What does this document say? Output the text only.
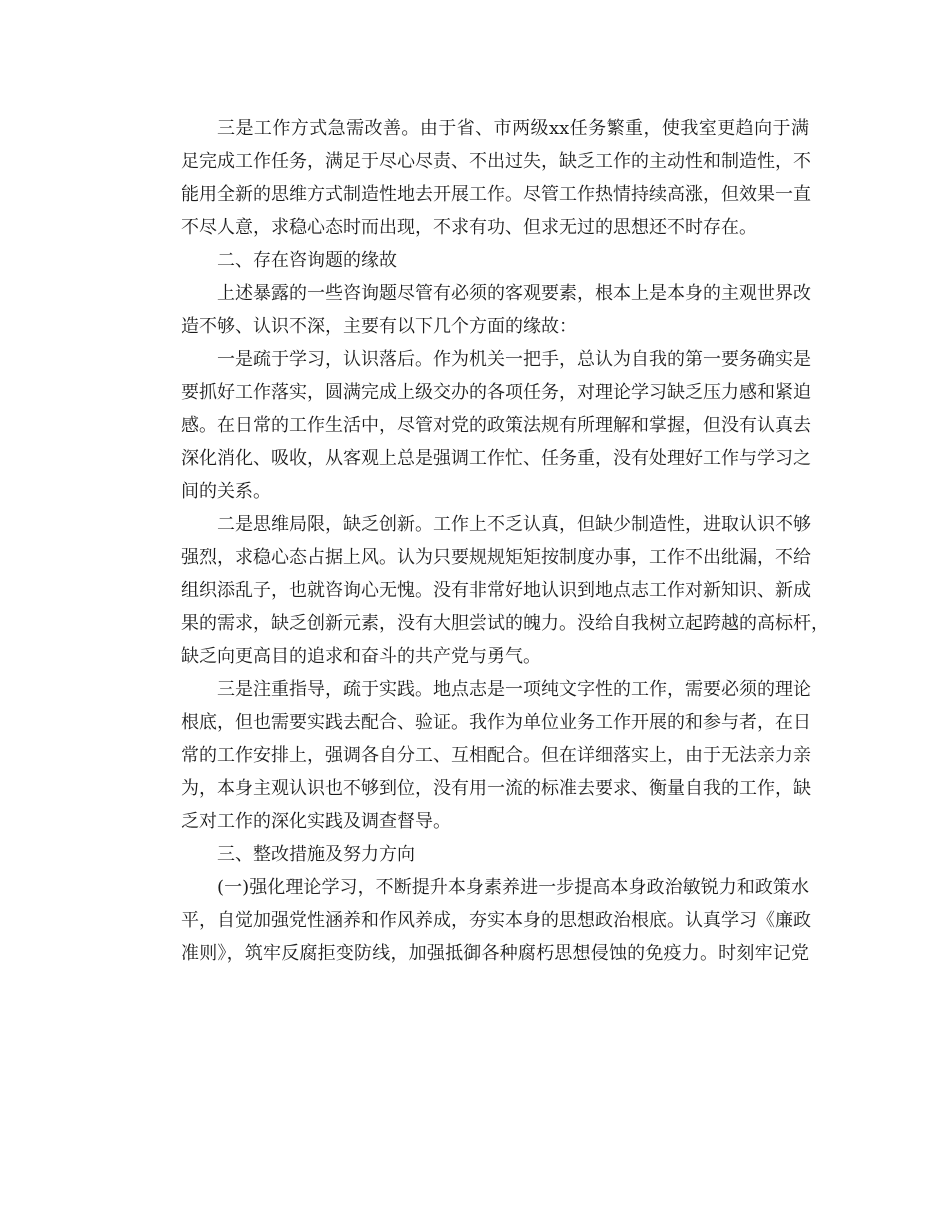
三是工作方式急需改善。由于省、市两级xx任务繁重，使我室更趋向于满
足完成工作任务，满足于尽心尽责、不出过失，缺乏工作的主动性和制造性，不
能用全新的思维方式制造性地去开展工作。尽管工作热情持续高涨，但效果一直
不尽人意，求稳心态时而出现，不求有功、但求无过的思想还不时存在。
二、存在咨询题的缘故
上述暴露的一些咨询题尽管有必须的客观要素，根本上是本身的主观世界改
造不够、认识不深，主要有以下几个方面的缘故：
一是疏于学习，认识落后。作为机关一把手，总认为自我的第一要务确实是
要抓好工作落实，圆满完成上级交办的各项任务，对理论学习缺乏压力感和紧迫
感。在日常的工作生活中，尽管对党的政策法规有所理解和掌握，但没有认真去
深化消化、吸收，从客观上总是强调工作忙、任务重，没有处理好工作与学习之
间的关系。
二是思维局限，缺乏创新。工作上不乏认真，但缺少制造性，进取认识不够
强烈，求稳心态占据上风。认为只要规规矩矩按制度办事，工作不出纰漏，不给
组织添乱子，也就咨询心无愧。没有非常好地认识到地点志工作对新知识、新成
果的需求，缺乏创新元素，没有大胆尝试的魄力。没给自我树立起跨越的高标杆，
缺乏向更高目的追求和奋斗的共产党与勇气。
三是注重指导，疏于实践。地点志是一项纯文字性的工作，需要必须的理论
根底，但也需要实践去配合、验证。我作为单位业务工作开展的和参与者，在日
常的工作安排上，强调各自分工、互相配合。但在详细落实上，由于无法亲力亲
为，本身主观认识也不够到位，没有用一流的标准去要求、衡量自我的工作，缺
乏对工作的深化实践及调查督导。
三、整改措施及努力方向
(一)强化理论学习，不断提升本身素养进一步提高本身政治敏锐力和政策水
平，自觉加强党性涵养和作风养成，夯实本身的思想政治根底。认真学习《廉政
准则》，筑牢反腐拒变防线，加强抵御各种腐朽思想侵蚀的免疫力。时刻牢记党
